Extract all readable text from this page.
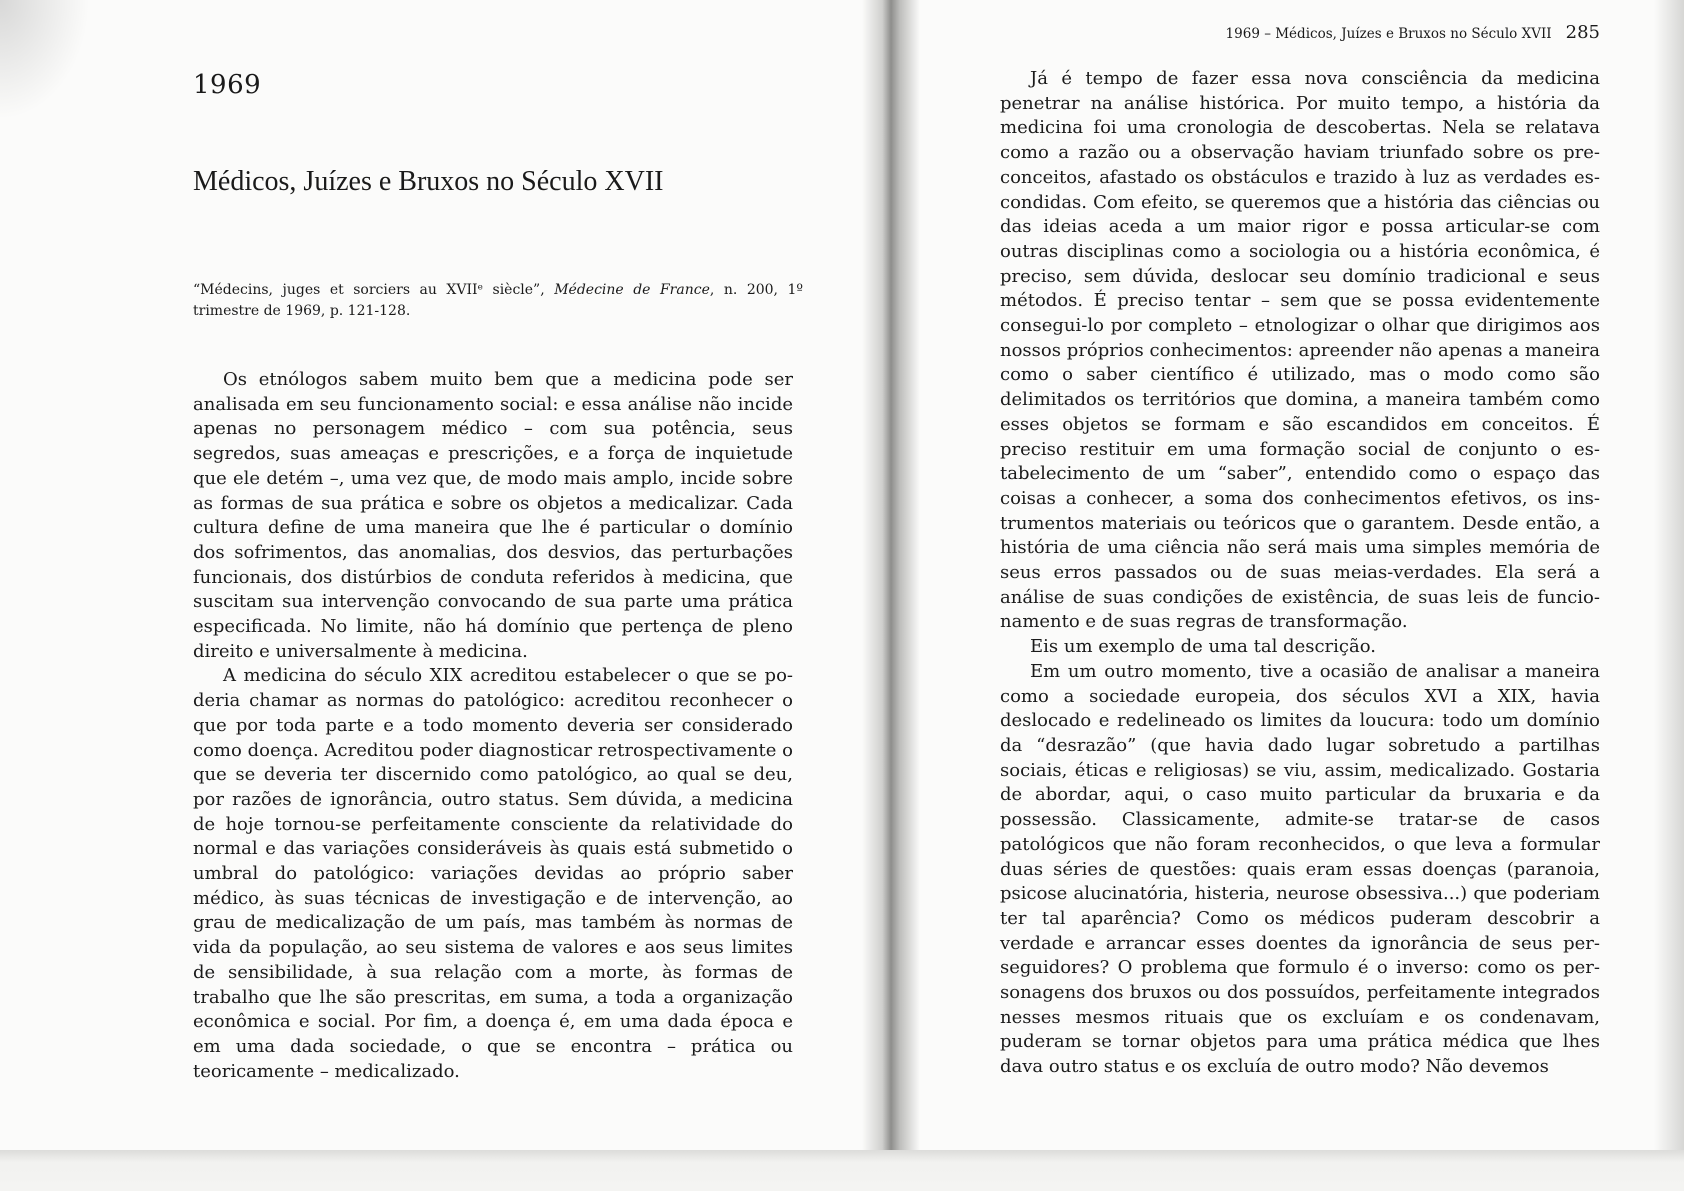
1969
Médicos, Juízes e Bruxos no Século XVII
“Médecins, juges et sorciers au XVIIᵉ siècle”, Médecine de France, n. 200, 1º trimestre de 1969, p. 121-128.

Os etnólogos sabem muito bem que a medicina pode ser analisada em seu funcionamento social: e essa análise não incide apenas no personagem médico – com sua potência, seus segredos, suas ameaças e prescrições, e a força de inquietude que ele detém –, uma vez que, de modo mais amplo, incide sobre as formas de sua prática e sobre os objetos a medicalizar. Cada cultura define de uma maneira que lhe é particular o domínio dos sofrimentos, das anomalias, dos desvios, das perturbações funcionais, dos distúrbios de conduta referidos à medicina, que suscitam sua intervenção convocando de sua parte uma prática especificada. No limite, não há domínio que pertença de pleno direito e universalmente à medicina.

A medicina do século XIX acreditou estabelecer o que se poderia chamar as normas do patológico: acreditou reconhecer o que por toda parte e a todo momento deveria ser considerado como doença. Acreditou poder diagnosticar retrospectivamente o que se deveria ter discernido como patológico, ao qual se deu, por razões de ignorância, outro status. Sem dúvida, a medicina de hoje tornou-se perfeitamente consciente da relatividade do normal e das variações consideráveis às quais está submetido o umbral do patológico: variações devidas ao próprio saber médico, às suas técnicas de investigação e de intervenção, ao grau de medicalização de um país, mas também às normas de vida da população, ao seu sistema de valores e aos seus limites de sensibilidade, à sua relação com a morte, às formas de trabalho que lhe são prescritas, em suma, a toda a organização econômica e social. Por fim, a doença é, em uma dada época e em uma dada sociedade, o que se encontra – prática ou teoricamente – medicalizado.

1969 – Médicos, Juízes e Bruxos no Século XVII 285

Já é tempo de fazer essa nova consciência da medicina penetrar na análise histórica. Por muito tempo, a história da medicina foi uma cronologia de descobertas. Nela se relatava como a razão ou a observação haviam triunfado sobre os preconceitos, afastado os obstáculos e trazido à luz as verdades escondidas. Com efeito, se queremos que a história das ciências ou das ideias aceda a um maior rigor e possa articular-se com outras disciplinas como a sociologia ou a história econômica, é preciso, sem dúvida, deslocar seu domínio tradicional e seus métodos. É preciso tentar – sem que se possa evidentemente consegui-lo por completo – etnologizar o olhar que dirigimos aos nossos próprios conhecimentos: apreender não apenas a maneira como o saber científico é utilizado, mas o modo como são delimitados os territórios que domina, a maneira também como esses objetos se formam e são escandidos em conceitos. É preciso restituir em uma formação social de conjunto o estabelecimento de um “saber”, entendido como o espaço das coisas a conhecer, a soma dos conhecimentos efetivos, os instrumentos materiais ou teóricos que o garantem. Desde então, a história de uma ciência não será mais uma simples memória de seus erros passados ou de suas meias-verdades. Ela será a análise de suas condições de existência, de suas leis de funcionamento e de suas regras de transformação.

Eis um exemplo de uma tal descrição.

Em um outro momento, tive a ocasião de analisar a maneira como a sociedade europeia, dos séculos XVI a XIX, havia deslocado e redelineado os limites da loucura: todo um domínio da “desrazão” (que havia dado lugar sobretudo a partilhas sociais, éticas e religiosas) se viu, assim, medicalizado. Gostaria de abordar, aqui, o caso muito particular da bruxaria e da possessão. Classicamente, admite-se tratar-se de casos patológicos que não foram reconhecidos, o que leva a formular duas séries de questões: quais eram essas doenças (paranoia, psicose alucinatória, histeria, neurose obsessiva...) que poderiam ter tal aparência? Como os médicos puderam descobrir a verdade e arrancar esses doentes da ignorância de seus perseguidores? O problema que formulo é o inverso: como os personagens dos bruxos ou dos possuídos, perfeitamente integrados nesses mesmos rituais que os excluíam e os condenavam, puderam se tornar objetos para uma prática médica que lhes dava outro status e os excluía de outro modo? Não devemos
